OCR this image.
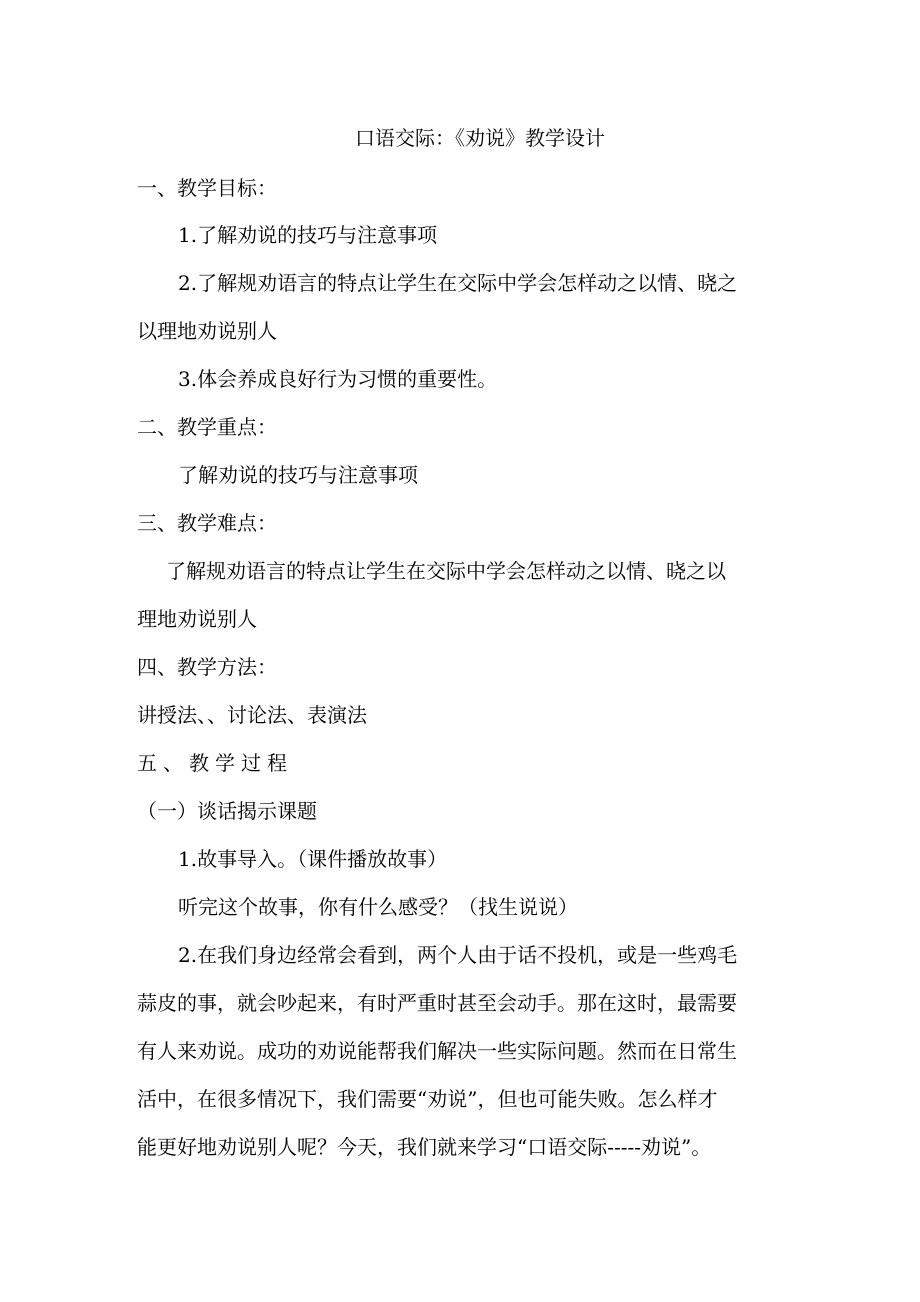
口语交际：《劝说》教学设计

一、教学目标：

1.了解劝说的技巧与注意事项

2.了解规劝语言的特点让学生在交际中学会怎样动之以情、晓之

以理地劝说别人

3.体会养成良好行为习惯的重要性。

二、教学重点：

了解劝说的技巧与注意事项

三、教学难点：

了解规劝语言的特点让学生在交际中学会怎样动之以情、晓之以

理地劝说别人

四、教学方法：

讲授法、、讨论法、表演法

五、教学过程

（一）谈话揭示课题

1.故事导入。（课件播放故事）

听完这个故事，你有什么感受？（找生说说）

2.在我们身边经常会看到，两个人由于话不投机，或是一些鸡毛

蒜皮的事，就会吵起来，有时严重时甚至会动手。那在这时，最需要

有人来劝说。成功的劝说能帮我们解决一些实际问题。然而在日常生

活中，在很多情况下，我们需要“劝说”，但也可能失败。怎么样才

能更好地劝说别人呢？今天，我们就来学习“口语交际-----劝说”。
